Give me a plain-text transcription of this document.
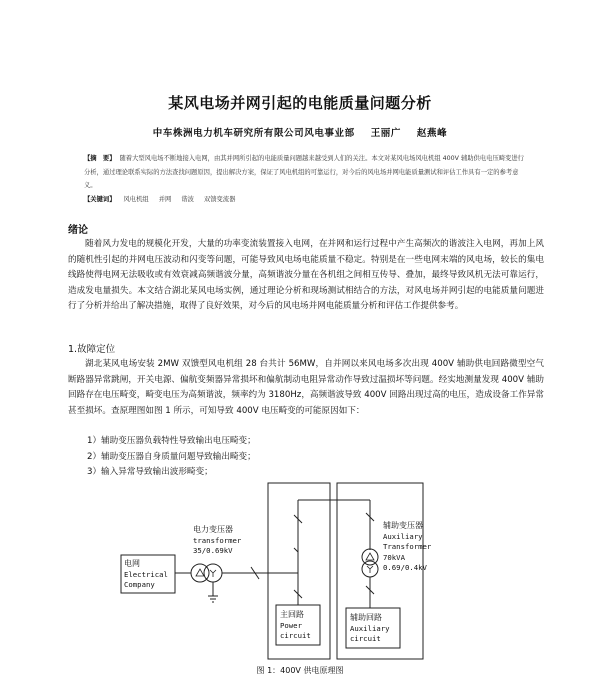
某风电场并网引起的电能质量问题分析
中车株洲电力机车研究所有限公司风电事业部 王丽广 赵燕峰
【摘　要】 随着大型风电场不断地接入电网，由其并网所引起的电能质量问题越来越受到人们的关注。本文对某风电场风电机组 400V 辅助供电电压畸变进行分析，通过理论联系实际的方法查找问题原因，提出解决方案，保证了风电机组的可靠运行，对今后的风电场并网电能质量测试和评估工作具有一定的参考意义。
【关键词】 风电机组 并网 谐波 双馈变流器
绪论

随着风力发电的规模化开发，大量的功率变流装置接入电网，在并网和运行过程中产生高频次的谐波注入电网，再加上风的随机性引起的并网电压波动和闪变等问题，可能导致风电场电能质量不稳定。特别是在一些电网末端的风电场，较长的集电线路使得电网无法吸收或有效衰减高频谐波分量，高频谐波分量在各机组之间相互传导、叠加，最终导致风机无法可靠运行，造成发电量损失。本文结合湖北某风电场实例，通过理论分析和现场测试相结合的方法，对风电场并网引起的电能质量问题进行了分析并给出了解决措施，取得了良好效果，对今后的风电场并网电能质量分析和评估工作提供参考。

1.故障定位

湖北某风电场安装 2MW 双馈型风电机组 28 台共计 56MW，自并网以来风电场多次出现 400V 辅助供电回路微型空气断路器异常跳闸，开关电源、偏航变频器异常损坏和偏航制动电阻异常动作导致过温损坏等问题。经实地测量发现 400V 辅助回路存在电压畸变，畸变电压为高频谐波，频率约为 3180Hz，高频谐波导致 400V 回路出现过高的电压，造成设备工作异常甚至损坏。查原理图如图 1 所示，可知导致 400V 电压畸变的可能原因如下：

1）辅助变压器负载特性导致输出电压畸变；
2）辅助变压器自身质量问题导致输出畸变；
3）输入异常导致输出波形畸变；
电网
Electrical
Company
电力变压器
transformer
35/0.69kV
主回路
Power
circuit
辅助变压器
Auxiliary
Transformer
70kVA
0.69/0.4kV
辅助回路
Auxiliary
circuit
图 1：400V 供电原理图
